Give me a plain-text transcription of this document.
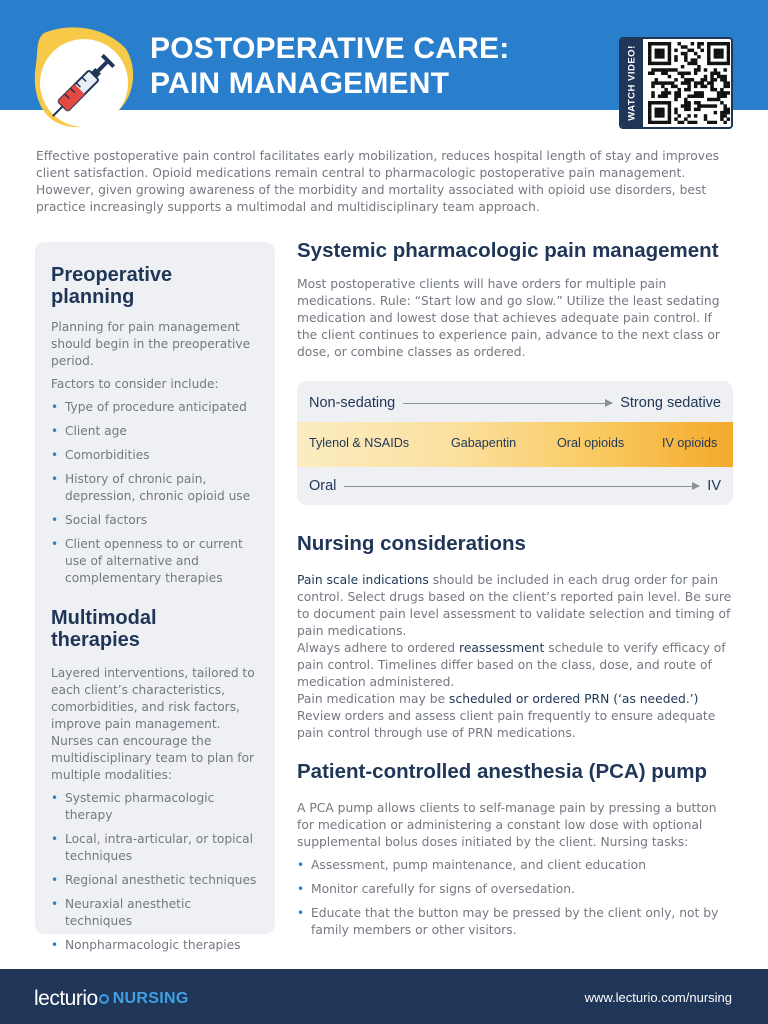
POSTOPERATIVE CARE:
PAIN MANAGEMENT	WATCH VIDEO!
Effective postoperative pain control facilitates early mobilization, reduces hospital length of stay and improves client satisfaction. Opioid medications remain central to pharmacologic postoperative pain management. However, given growing awareness of the morbidity and mortality associated with opioid use disorders, best practice increasingly supports a multimodal and multidisciplinary team approach.
Preoperative
planning
Planning for pain management should begin in the preoperative period.
Factors to consider include:
• Type of procedure anticipated
• Client age
• Comorbidities
• History of chronic pain, depression, chronic opioid use
• Social factors
• Client openness to or current use of alternative and complementary therapies
Multimodal
therapies
Layered interventions, tailored to each client’s characteristics, comorbidities, and risk factors, improve pain management. Nurses can encourage the multidisciplinary team to plan for multiple modalities:
• Systemic pharmacologic therapy
• Local, intra-articular, or topical techniques
• Regional anesthetic techniques
• Neuraxial anesthetic techniques
• Nonpharmacologic therapies
Systemic pharmacologic pain management
Most postoperative clients will have orders for multiple pain medications. Rule: “Start low and go slow.” Utilize the least sedating medication and lowest dose that achieves adequate pain control. If the client continues to experience pain, advance to the next class or dose, or combine classes as ordered.
Non-sedating	Strong sedative
Tylenol & NSAIDs	Gabapentin	Oral opioids	IV opioids
Oral	IV
Nursing considerations
Pain scale indications should be included in each drug order for pain control. Select drugs based on the client’s reported pain level. Be sure to document pain level assessment to validate selection and timing of pain medications.
Always adhere to ordered reassessment schedule to verify efficacy of pain control. Timelines differ based on the class, dose, and route of medication administered.
Pain medication may be scheduled or ordered PRN (‘as needed.’) Review orders and assess client pain frequently to ensure adequate pain control through use of PRN medications.
Patient-controlled anesthesia (PCA) pump
A PCA pump allows clients to self-manage pain by pressing a button for medication or administering a constant low dose with optional supplemental bolus doses initiated by the client. Nursing tasks:
• Assessment, pump maintenance, and client education
• Monitor carefully for signs of oversedation.
• Educate that the button may be pressed by the client only, not by family members or other visitors.
lecturio NURSING	www.lecturio.com/nursing
